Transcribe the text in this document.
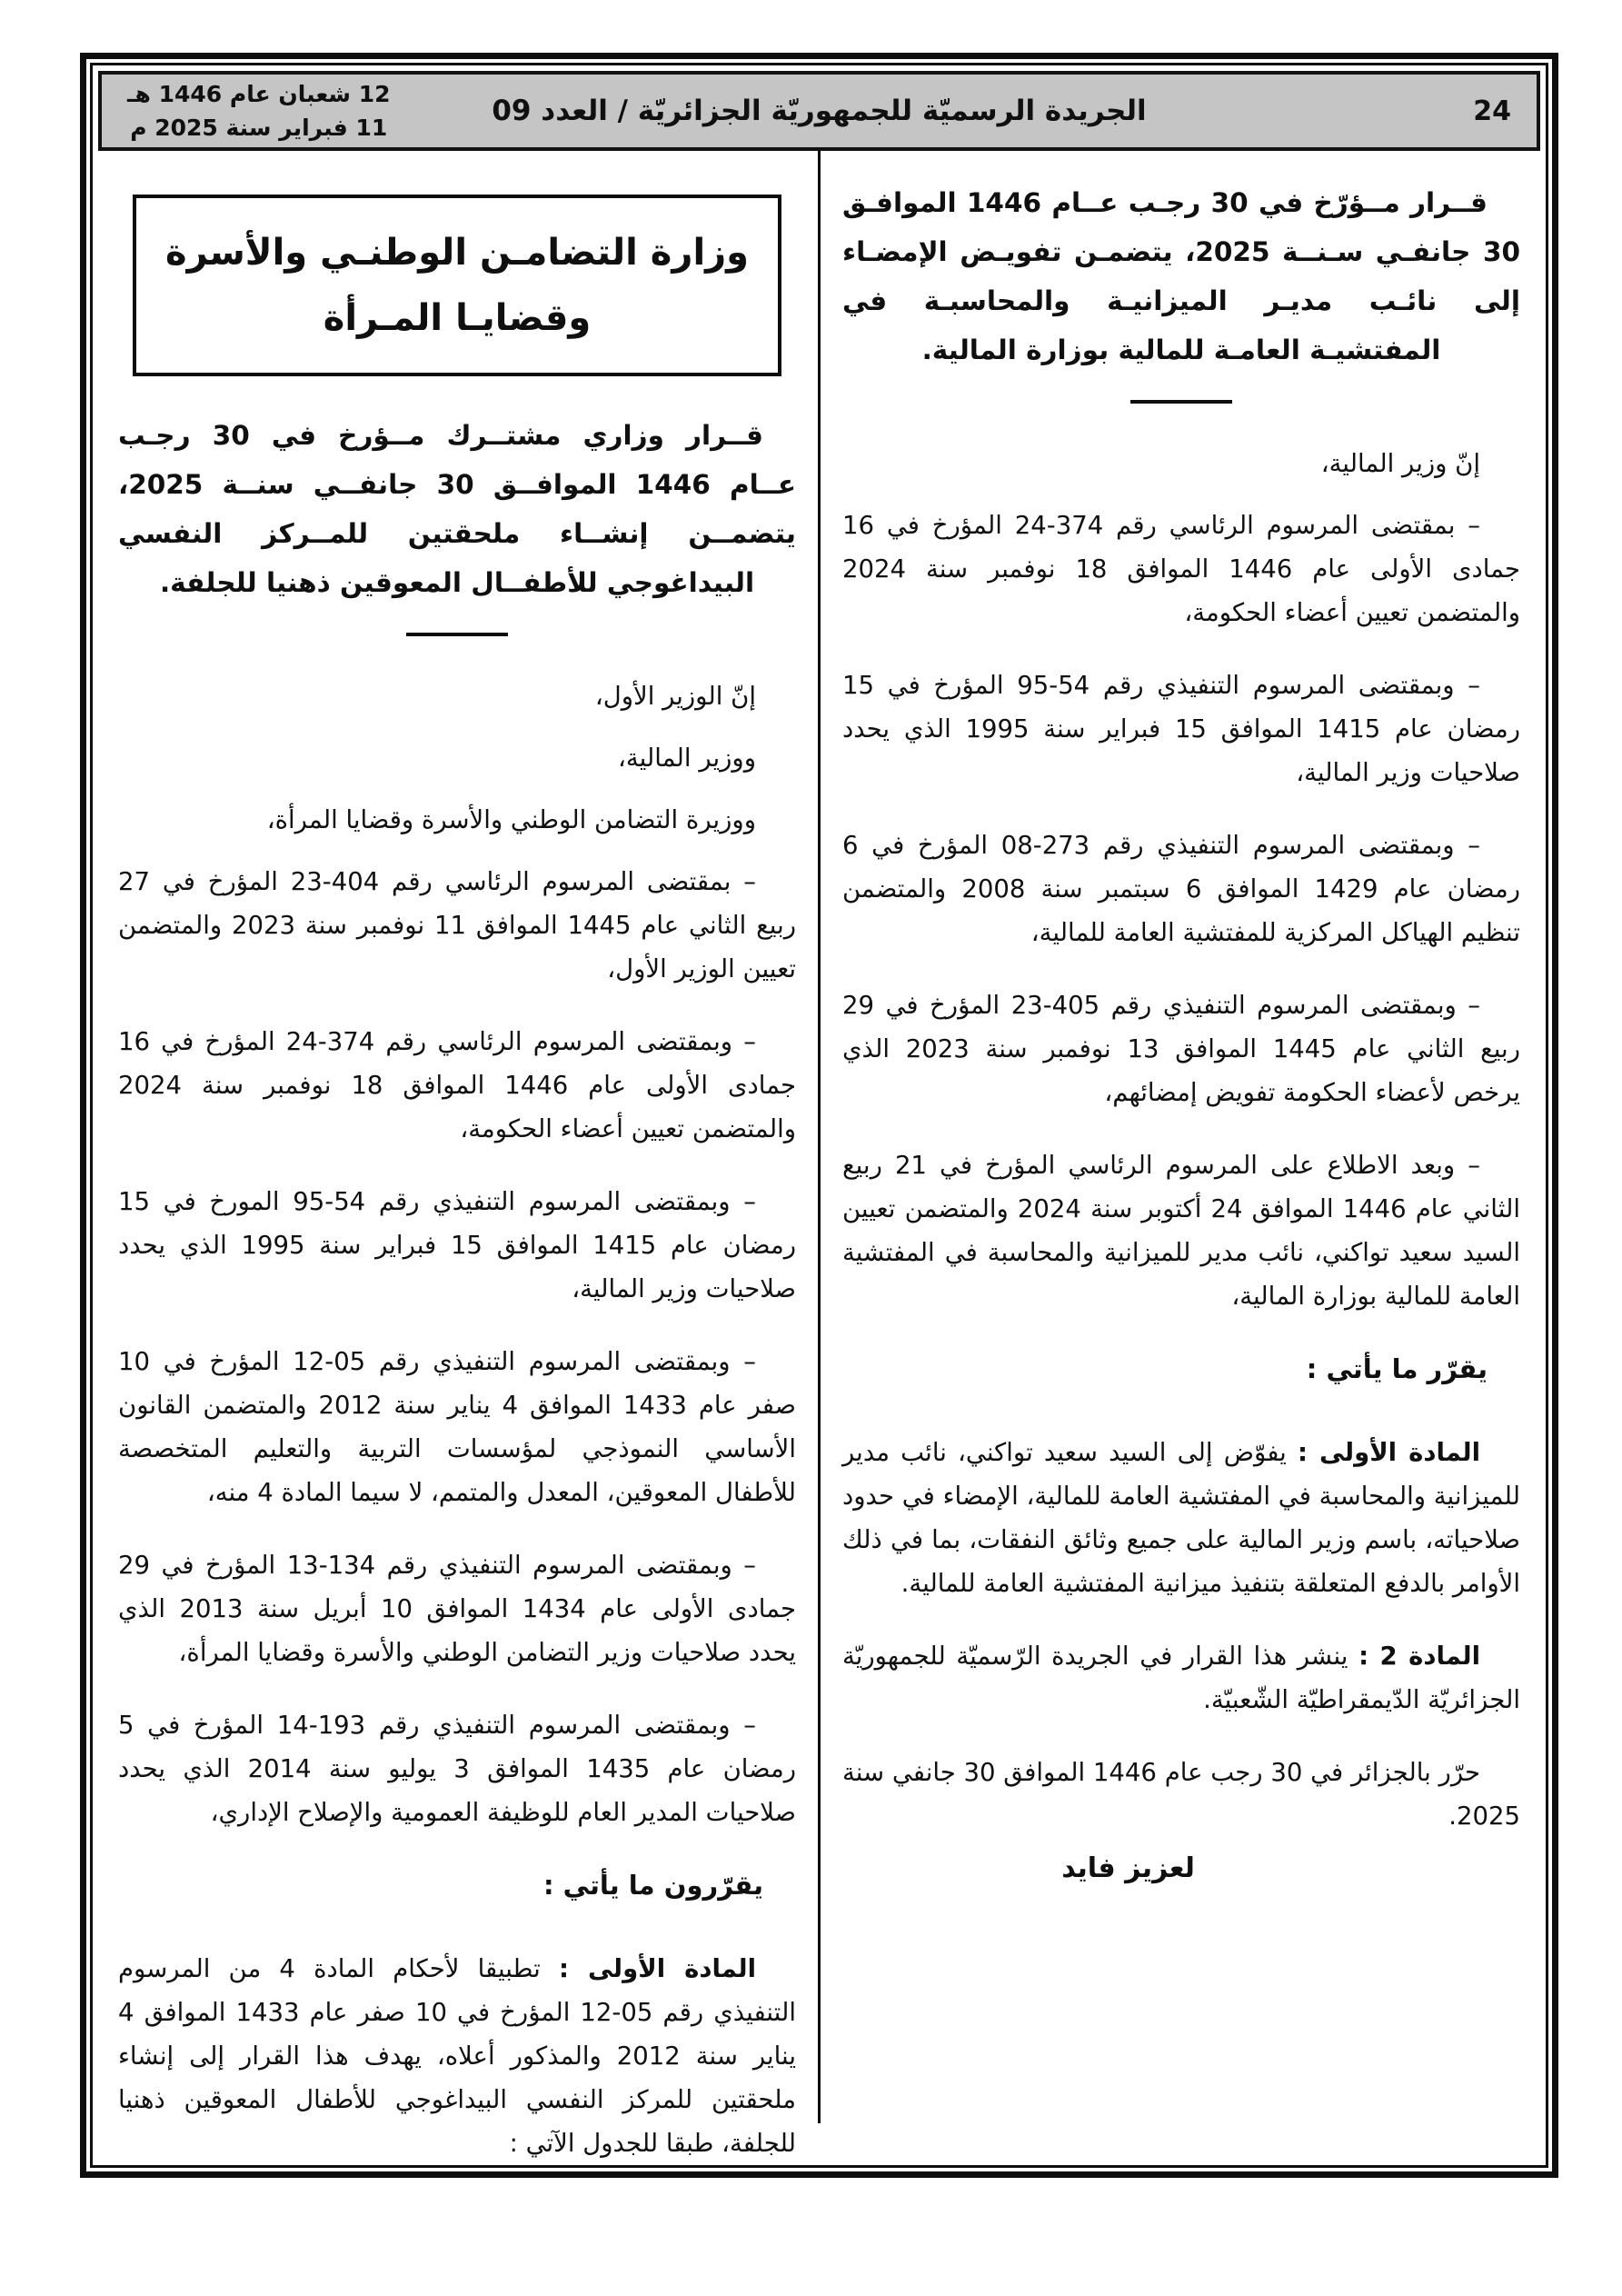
24
الجريدة الرسميّة للجمهوريّة الجزائريّة / العدد 09
12 شعبان عام 1446 هـ
11 فبراير سنة 2025 م

قــرار مــؤرّخ في 30 رجـب عــام 1446 الموافـق 30 جانفـي سـنــة 2025، يتضمـن تفويـض الإمضـاء إلى نائـب مديـر الميزانيـة والمحاسبـة في المفتشيـة العامـة للمالية بوزارة المالية.

إنّ وزير المالية،

– بمقتضى المرسوم الرئاسي رقم 374-24 المؤرخ في 16 جمادى الأولى عام 1446 الموافق 18 نوفمبر سنة 2024 والمتضمن تعيين أعضاء الحكومة،

– وبمقتضى المرسوم التنفيذي رقم 54-95 المؤرخ في 15 رمضان عام 1415 الموافق 15 فبراير سنة 1995 الذي يحدد صلاحيات وزير المالية،

– وبمقتضى المرسوم التنفيذي رقم 273-08 المؤرخ في 6 رمضان عام 1429 الموافق 6 سبتمبر سنة 2008 والمتضمن تنظيم الهياكل المركزية للمفتشية العامة للمالية،

– وبمقتضى المرسوم التنفيذي رقم 405-23 المؤرخ في 29 ربيع الثاني عام 1445 الموافق 13 نوفمبر سنة 2023 الذي يرخص لأعضاء الحكومة تفويض إمضائهم،

– وبعد الاطلاع على المرسوم الرئاسي المؤرخ في 21 ربيع الثاني عام 1446 الموافق 24 أكتوبر سنة 2024 والمتضمن تعيين السيد سعيد تواكني، نائب مدير للميزانية والمحاسبة في المفتشية العامة للمالية بوزارة المالية،

يقرّر ما يأتي :

المادة الأولى : يفوّض إلى السيد سعيد تواكني، نائب مدير للميزانية والمحاسبة في المفتشية العامة للمالية، الإمضاء في حدود صلاحياته، باسم وزير المالية على جميع وثائق النفقات، بما في ذلك الأوامر بالدفع المتعلقة بتنفيذ ميزانية المفتشية العامة للمالية.

المادة 2 : ينشر هذا القرار في الجريدة الرّسميّة للجمهوريّة الجزائريّة الدّيمقراطيّة الشّعبيّة.

حرّر بالجزائر في 30 رجب عام 1446 الموافق 30 جانفي سنة 2025.

لعزيز فايد
وزارة التضامـن الوطنـي والأسرة
وقضايـا المـرأة

قــرار وزاري مشتــرك مــؤرخ في 30 رجـب عــام 1446 الموافــق 30 جانفــي سنــة 2025، يتضمــن إنشــاء ملحقتين للمــركز النفسي البيداغوجي للأطفــال المعوقين ذهنيا للجلفة.

إنّ الوزير الأول،

ووزير المالية،

ووزيرة التضامن الوطني والأسرة وقضايا المرأة،

– بمقتضى المرسوم الرئاسي رقم 404-23 المؤرخ في 27 ربيع الثاني عام 1445 الموافق 11 نوفمبر سنة 2023 والمتضمن تعيين الوزير الأول،

– وبمقتضى المرسوم الرئاسي رقم 374-24 المؤرخ في 16 جمادى الأولى عام 1446 الموافق 18 نوفمبر سنة 2024 والمتضمن تعيين أعضاء الحكومة،

– وبمقتضى المرسوم التنفيذي رقم 54-95 المورخ في 15 رمضان عام 1415 الموافق 15 فبراير سنة 1995 الذي يحدد صلاحيات وزير المالية،

– وبمقتضى المرسوم التنفيذي رقم 05-12 المؤرخ في 10 صفر عام 1433 الموافق 4 يناير سنة 2012 والمتضمن القانون الأساسي النموذجي لمؤسسات التربية والتعليم المتخصصة للأطفال المعوقين، المعدل والمتمم، لا سيما المادة 4 منه،

– وبمقتضى المرسوم التنفيذي رقم 134-13 المؤرخ في 29 جمادى الأولى عام 1434 الموافق 10 أبريل سنة 2013 الذي يحدد صلاحيات وزير التضامن الوطني والأسرة وقضايا المرأة،

– وبمقتضى المرسوم التنفيذي رقم 193-14 المؤرخ في 5 رمضان عام 1435 الموافق 3 يوليو سنة 2014 الذي يحدد صلاحيات المدير العام للوظيفة العمومية والإصلاح الإداري،

يقرّرون ما يأتي :

المادة الأولى : تطبيقا لأحكام المادة 4 من المرسوم التنفيذي رقم 05-12 المؤرخ في 10 صفر عام 1433 الموافق 4 يناير سنة 2012 والمذكور أعلاه، يهدف هذا القرار إلى إنشاء ملحقتين للمركز النفسي البيداغوجي للأطفال المعوقين ذهنيا للجلفة، طبقا للجدول الآتي :
